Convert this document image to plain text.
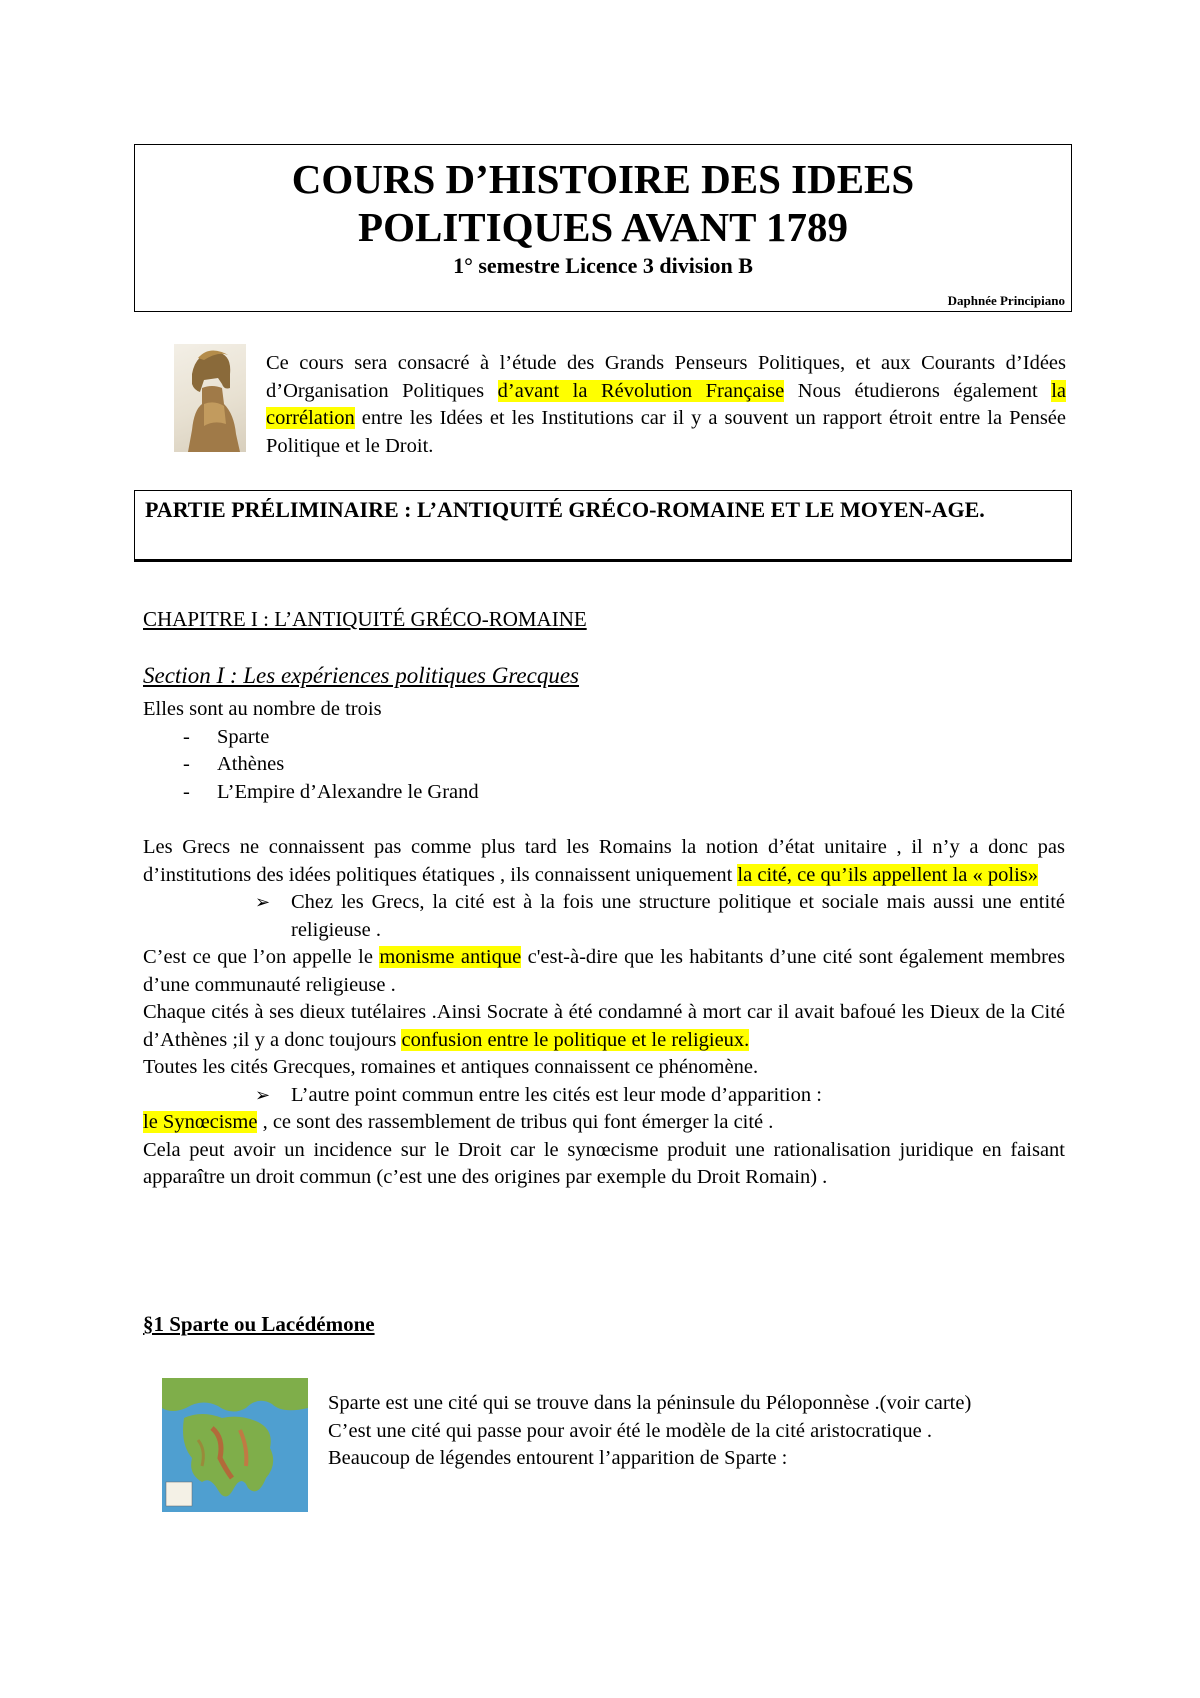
COURS D’HISTOIRE DES IDEES
POLITIQUES AVANT 1789
1° semestre Licence 3 division B
Daphnée Principiano
Ce cours sera consacré à l’étude des Grands Penseurs Politiques, et aux Courants d’Idées d’Organisation Politiques d’avant la Révolution Française Nous étudierons également la corrélation entre les Idées et les Institutions car il y a souvent un rapport étroit entre la Pensée Politique et le Droit.
PARTIE PRÉLIMINAIRE : L’ANTIQUITÉ GRÉCO-ROMAINE ET LE MOYEN-AGE.
CHAPITRE I : L’ANTIQUITÉ GRÉCO-ROMAINE
Section I : Les expériences politiques Grecques
Elles sont au nombre de trois
- Sparte
- Athènes
- L’Empire d’Alexandre le Grand

Les Grecs ne connaissent pas comme plus tard les Romains la notion d’état unitaire , il n’y a donc pas d’institutions des idées politiques étatiques , ils connaissent uniquement la cité, ce qu’ils appellent la « polis»

➢ Chez les Grecs, la cité est à la fois une structure politique et sociale mais aussi une entité religieuse .

C’est ce que l’on appelle le monisme antique c'est-à-dire que les habitants d’une cité sont également membres d’une communauté religieuse .

Chaque cités à ses dieux tutélaires .Ainsi Socrate à été condamné à mort car il avait bafoué les Dieux de la Cité d’Athènes ;il y a donc toujours confusion entre le politique et le religieux.

Toutes les cités Grecques, romaines et antiques connaissent ce phénomène.

➢ L’autre point commun entre les cités est leur mode d’apparition :

le Synœcisme , ce sont des rassemblement de tribus qui font émerger la cité .

Cela peut avoir un incidence sur le Droit car le synœcisme produit une rationalisation juridique en faisant apparaître un droit commun (c’est une des origines par exemple du Droit Romain) .

§1 Sparte ou Lacédémone
Sparte est une cité qui se trouve dans la péninsule du Péloponnèse .(voir carte)
C’est une cité qui passe pour avoir été le modèle de la cité aristocratique .
Beaucoup de légendes entourent l’apparition de Sparte :
